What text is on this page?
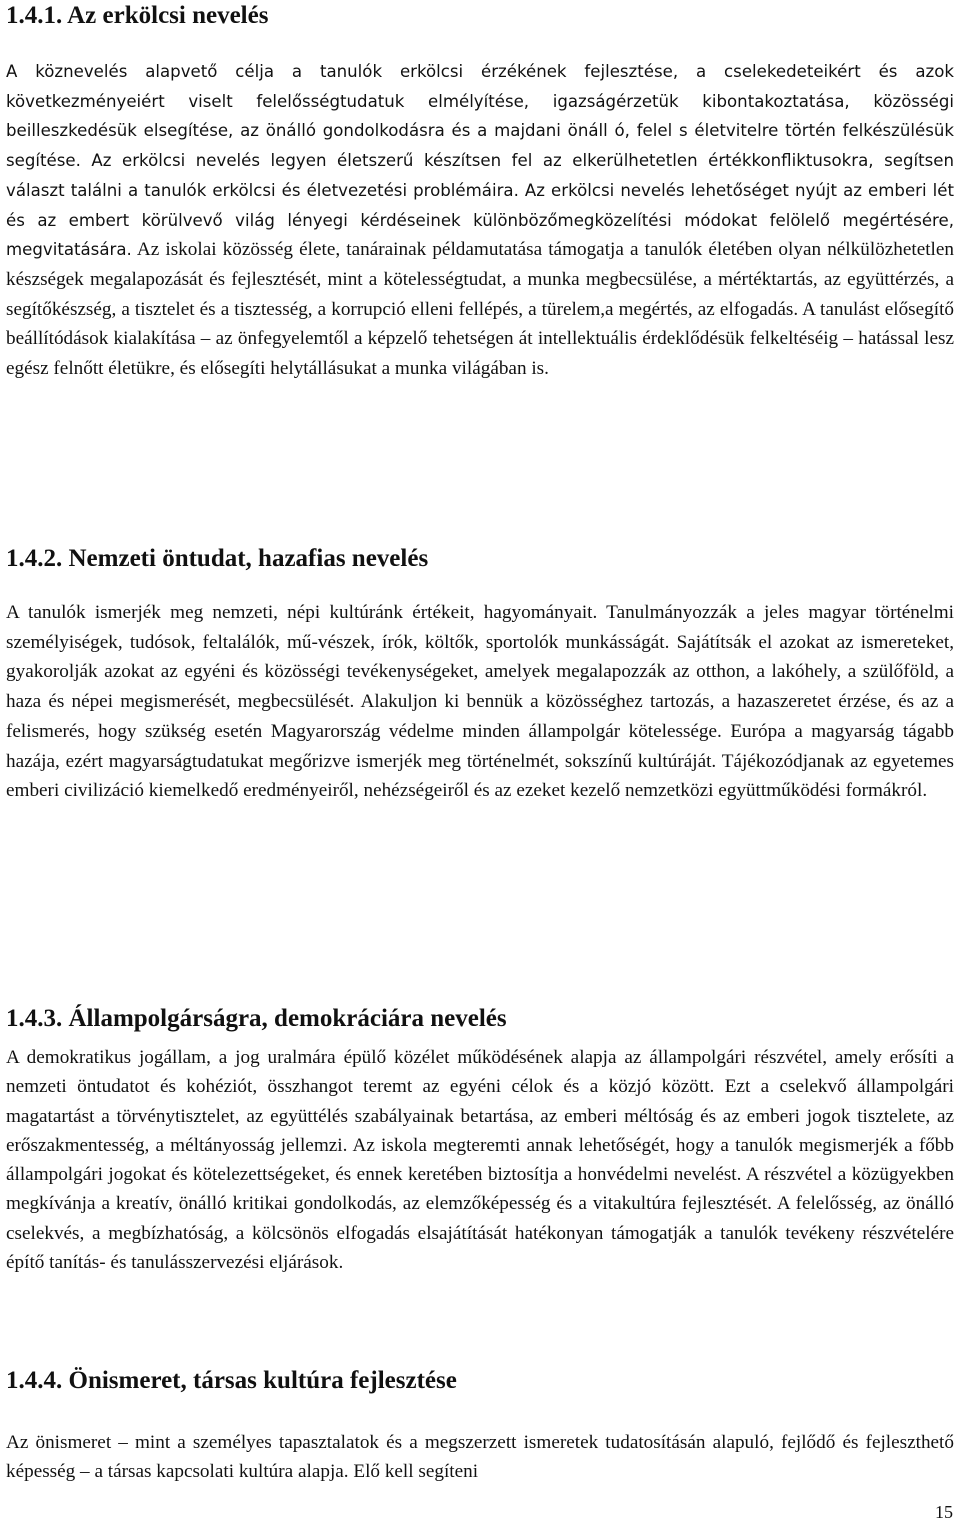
1.4.1. Az erkölcsi nevelés

A köznevelés alapvető célja a tanulók erkölcsi érzékének fejlesztése, a cselekedeteikért és azok következményeiért viselt felelősségtudatuk elmélyítése, igazságérzetük kibontakoztatása, közösségi beilleszkedésük elsegítése, az önálló gondolkodásra és a majdani önáll ó, felel s életvitelre történ felkészülésük segítése. Az erkölcsi nevelés legyen életszerű készítsen fel az elkerülhetetlen értékkonfliktusokra, segítsen választ találni a tanulók erkölcsi és életvezetési problémáira. Az erkölcsi nevelés lehetőséget nyújt az emberi lét és az embert körülvevő világ lényegi kérdéseinek különbözőmegközelítési módokat felölelő megértésére, megvitatására. Az iskolai közösség élete, tanárainak példamutatása támogatja a tanulók életében olyan nélkülözhetetlen készségek megalapozását és fejlesztését, mint a kötelességtudat, a munka megbecsülése, a mértéktartás, az együttérzés, a segítőkészség, a tisztelet és a tisztesség, a korrupció elleni fellépés, a türelem,a megértés, az elfogadás. A tanulást elősegítő beállítódások kialakítása – az önfegyelemtől a képzelő tehetségen át intellektuális érdeklődésük felkeltéséig – hatással lesz egész felnőtt életükre, és elősegíti helytállásukat a munka világában is.

1.4.2. Nemzeti öntudat, hazafias nevelés

A tanulók ismerjék meg nemzeti, népi kultúránk értékeit, hagyományait. Tanulmányozzák a jeles magyar történelmi személyiségek, tudósok, feltalálók, mű-vészek, írók, költők, sportolók munkásságát. Sajátítsák el azokat az ismereteket, gyakorolják azokat az egyéni és közösségi tevékenységeket, amelyek megalapozzák az otthon, a lakóhely, a szülőföld, a haza és népei megismerését, megbecsülését. Alakuljon ki bennük a közösséghez tartozás, a hazaszeretet érzése, és az a felismerés, hogy szükség esetén Magyarország védelme minden állampolgár kötelessége. Európa a magyarság tágabb hazája, ezért magyarságtudatukat megőrizve ismerjék meg történelmét, sokszínű kultúráját. Tájékozódjanak az egyetemes emberi civilizáció kiemelkedő eredményeiről, nehézségeiről és az ezeket kezelő nemzetközi együttműködési formákról.

1.4.3. Állampolgárságra, demokráciára nevelés

A demokratikus jogállam, a jog uralmára épülő közélet működésének alapja az állampolgári részvétel, amely erősíti a nemzeti öntudatot és kohéziót, összhangot teremt az egyéni célok és a közjó között. Ezt a cselekvő állampolgári magatartást a törvénytisztelet, az együttélés szabályainak betartása, az emberi méltóság és az emberi jogok tisztelete, az erőszakmentesség, a méltányosság jellemzi. Az iskola megteremti annak lehetőségét, hogy a tanulók megismerjék a főbb állampolgári jogokat és kötelezettségeket, és ennek keretében biztosítja a honvédelmi nevelést. A részvétel a közügyekben megkívánja a kreatív, önálló kritikai gondolkodás, az elemzőképesség és a vitakultúra fejlesztését. A felelősség, az önálló cselekvés, a megbízhatóság, a kölcsönös elfogadás elsajátítását hatékonyan támogatják a tanulók tevékeny részvételére építő tanítás- és tanulásszervezési eljárások.

1.4.4. Önismeret, társas kultúra fejlesztése

Az önismeret – mint a személyes tapasztalatok és a megszerzett ismeretek tudatosításán alapuló, fejlődő és fejleszthető képesség – a társas kapcsolati kultúra alapja. Elő kell segíteni

15
